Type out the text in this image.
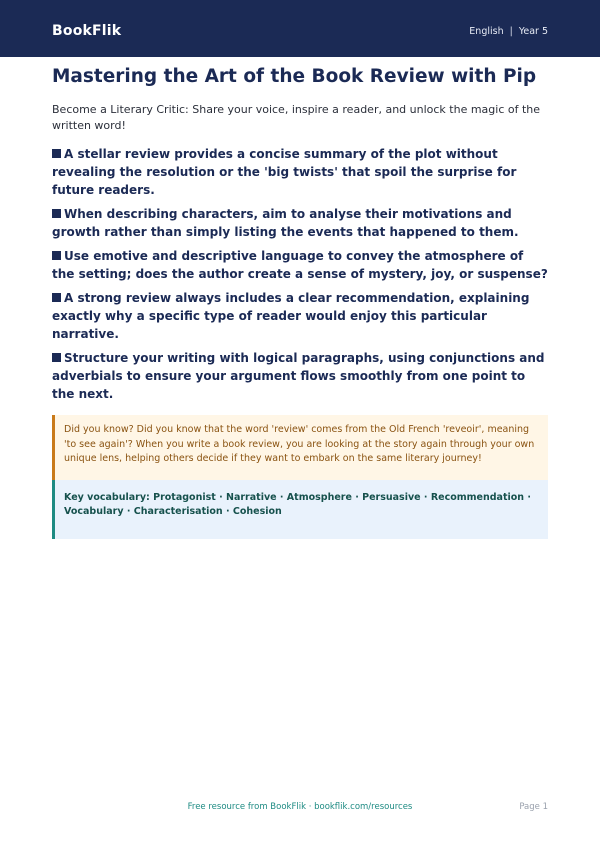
BookFlik	English | Year 5
Mastering the Art of the Book Review with Pip

Become a Literary Critic: Share your voice, inspire a reader, and unlock the magic of the written word!

A stellar review provides a concise summary of the plot without revealing the resolution or the 'big twists' that spoil the surprise for future readers.
When describing characters, aim to analyse their motivations and growth rather than simply listing the events that happened to them.
Use emotive and descriptive language to convey the atmosphere of the setting; does the author create a sense of mystery, joy, or suspense?
A strong review always includes a clear recommendation, explaining exactly why a specific type of reader would enjoy this particular narrative.
Structure your writing with logical paragraphs, using conjunctions and adverbials to ensure your argument flows smoothly from one point to the next.
Did you know? Did you know that the word 'review' comes from the Old French 'reveoir', meaning 'to see again'? When you write a book review, you are looking at the story again through your own unique lens, helping others decide if they want to embark on the same literary journey!
Key vocabulary: Protagonist · Narrative · Atmosphere · Persuasive · Recommendation · Vocabulary · Characterisation · Cohesion
Free resource from BookFlik · bookflik.com/resources	Page 1
